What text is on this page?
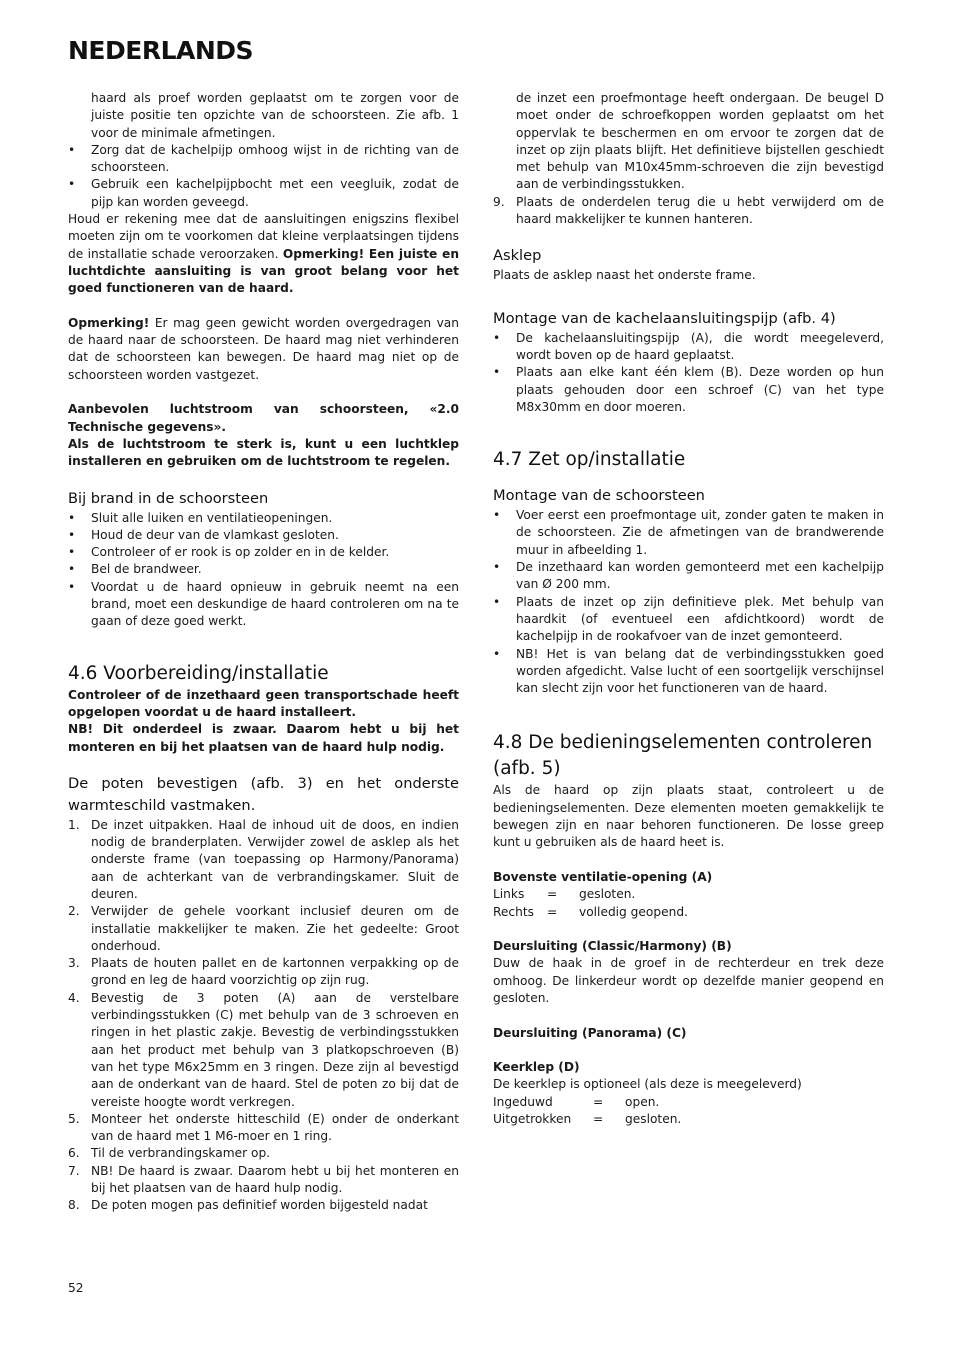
NEDERLANDS

haard als proef worden geplaatst om te zorgen voor de juiste positie ten opzichte van de schoorsteen. Zie afb. 1 voor de minimale afmetingen.

• Zorg dat de kachelpijp omhoog wijst in de richting van de schoorsteen.
• Gebruik een kachelpijpbocht met een veegluik, zodat de pijp kan worden geveegd.

Houd er rekening mee dat de aansluitingen enigszins flexibel moeten zijn om te voorkomen dat kleine verplaatsingen tijdens de installatie schade veroorzaken. Opmerking! Een juiste en luchtdichte aansluiting is van groot belang voor het goed functioneren van de haard.

Opmerking! Er mag geen gewicht worden overgedragen van de haard naar de schoorsteen. De haard mag niet verhinderen dat de schoorsteen kan bewegen. De haard mag niet op de schoorsteen worden vastgezet.

Aanbevolen luchtstroom van schoorsteen, «2.0 Technische gegevens».

Als de luchtstroom te sterk is, kunt u een luchtklep installeren en gebruiken om de luchtstroom te regelen.

Bij brand in de schoorsteen
• Sluit alle luiken en ventilatieopeningen.
• Houd de deur van de vlamkast gesloten.
• Controleer of er rook is op zolder en in de kelder.
• Bel de brandweer.
• Voordat u de haard opnieuw in gebruik neemt na een brand, moet een deskundige de haard controleren om na te gaan of deze goed werkt.
4.6 Voorbereiding/installatie

Controleer of de inzethaard geen transportschade heeft opgelopen voordat u de haard installeert.

NB! Dit onderdeel is zwaar. Daarom hebt u bij het monteren en bij het plaatsen van de haard hulp nodig.

De poten bevestigen (afb. 3) en het onderste warmteschild vastmaken.
1. De inzet uitpakken. Haal de inhoud uit de doos, en indien nodig de branderplaten. Verwijder zowel de asklep als het onderste frame (van toepassing op Harmony/Panorama) aan de achterkant van de verbrandingskamer. Sluit de deuren.
2. Verwijder de gehele voorkant inclusief deuren om de installatie makkelijker te maken. Zie het gedeelte: Groot onderhoud.
3. Plaats de houten pallet en de kartonnen verpakking op de grond en leg de haard voorzichtig op zijn rug.
4. Bevestig de 3 poten (A) aan de verstelbare verbindingsstukken (C) met behulp van de 3 schroeven en ringen in het plastic zakje. Bevestig de verbindingsstukken aan het product met behulp van 3 platkopschroeven (B) van het type M6x25mm en 3 ringen. Deze zijn al bevestigd aan de onderkant van de haard. Stel de poten zo bij dat de vereiste hoogte wordt verkregen.
5. Monteer het onderste hitteschild (E) onder de onderkant van de haard met 1 M6-moer en 1 ring.
6. Til de verbrandingskamer op.
7. NB! De haard is zwaar. Daarom hebt u bij het monteren en bij het plaatsen van de haard hulp nodig.
8. De poten mogen pas definitief worden bijgesteld nadat

de inzet een proefmontage heeft ondergaan. De beugel D moet onder de schroefkoppen worden geplaatst om het oppervlak te beschermen en om ervoor te zorgen dat de inzet op zijn plaats blijft. Het definitieve bijstellen geschiedt met behulp van M10x45mm-schroeven die zijn bevestigd aan de verbindingsstukken.

9. Plaats de onderdelen terug die u hebt verwijderd om de haard makkelijker te kunnen hanteren.
Asklep

Plaats de asklep naast het onderste frame.

Montage van de kachelaansluitingspijp (afb. 4)
• De kachelaansluitingspijp (A), die wordt meegeleverd, wordt boven op de haard geplaatst.
• Plaats aan elke kant één klem (B). Deze worden op hun plaats gehouden door een schroef (C) van het type M8x30mm en door moeren.
4.7 Zet op/installatie
Montage van de schoorsteen
• Voer eerst een proefmontage uit, zonder gaten te maken in de schoorsteen. Zie de afmetingen van de brandwerende muur in afbeelding 1.
• De inzethaard kan worden gemonteerd met een kachelpijp van Ø 200 mm.
• Plaats de inzet op zijn definitieve plek. Met behulp van haardkit (of eventueel een afdichtkoord) wordt de kachelpijp in de rookafvoer van de inzet gemonteerd.
• NB! Het is van belang dat de verbindingsstukken goed worden afgedicht. Valse lucht of een soortgelijk verschijnsel kan slecht zijn voor het functioneren van de haard.
4.8 De bedieningselementen controleren (afb. 5)

Als de haard op zijn plaats staat, controleert u de bedieningselementen. Deze elementen moeten gemakkelijk te bewegen zijn en naar behoren functioneren. De losse greep kunt u gebruiken als de haard heet is.

Bovenste ventilatie-opening (A)

Links	=	gesloten.
Rechts	=	volledig geopend.

Deursluiting (Classic/Harmony) (B)

Duw de haak in de groef in de rechterdeur en trek deze omhoog. De linkerdeur wordt op dezelfde manier geopend en gesloten.

Deursluiting (Panorama) (C)

Keerklep (D)

De keerklep is optioneel (als deze is meegeleverd)

Ingeduwd	=	open.
Uitgetrokken	=	gesloten.
52
